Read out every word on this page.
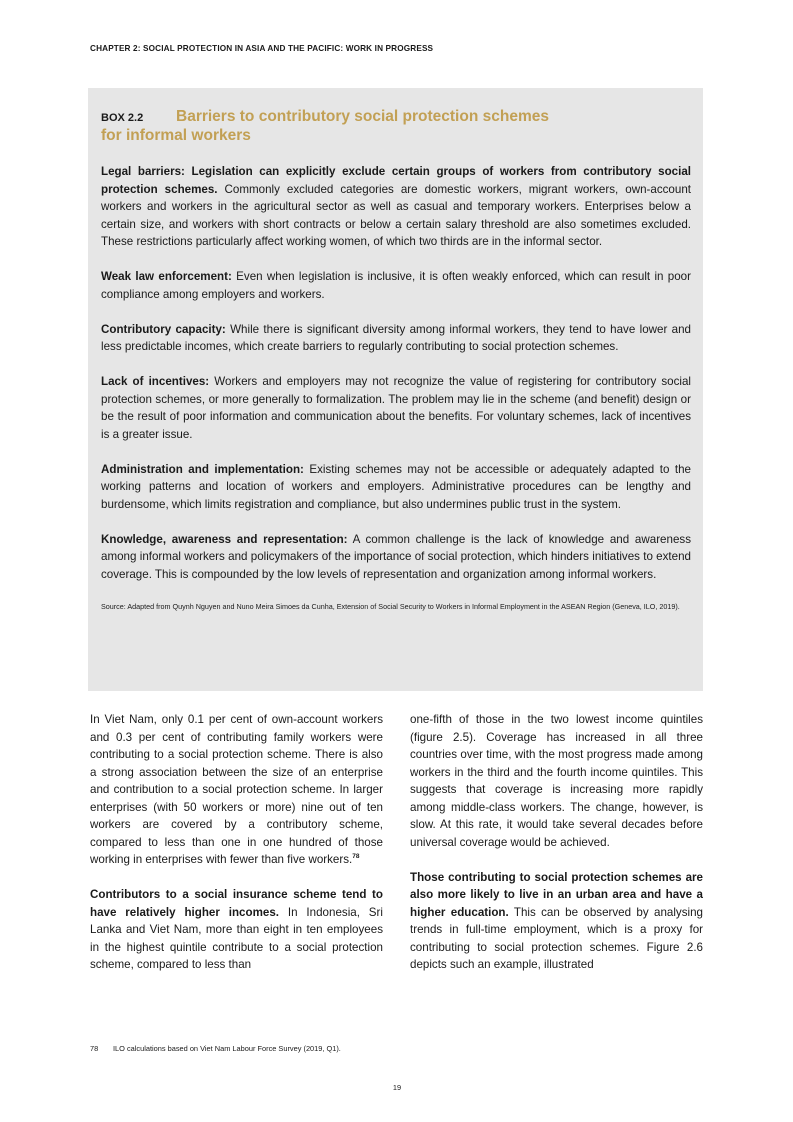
CHAPTER 2: SOCIAL PROTECTION IN ASIA AND THE PACIFIC: WORK IN PROGRESS
BOX 2.2 Barriers to contributory social protection schemes
for informal workers

Legal barriers: Legislation can explicitly exclude certain groups of workers from contributory social protection schemes. Commonly excluded categories are domestic workers, migrant workers, own-account workers and workers in the agricultural sector as well as casual and temporary workers. Enterprises below a certain size, and workers with short contracts or below a certain salary threshold are also sometimes excluded. These restrictions particularly affect working women, of which two thirds are in the informal sector.

Weak law enforcement: Even when legislation is inclusive, it is often weakly enforced, which can result in poor compliance among employers and workers.

Contributory capacity: While there is significant diversity among informal workers, they tend to have lower and less predictable incomes, which create barriers to regularly contributing to social protection schemes.

Lack of incentives: Workers and employers may not recognize the value of registering for contributory social protection schemes, or more generally to formalization. The problem may lie in the scheme (and benefit) design or be the result of poor information and communication about the benefits. For voluntary schemes, lack of incentives is a greater issue.

Administration and implementation: Existing schemes may not be accessible or adequately adapted to the working patterns and location of workers and employers. Administrative procedures can be lengthy and burdensome, which limits registration and compliance, but also undermines public trust in the system.

Knowledge, awareness and representation: A common challenge is the lack of knowledge and awareness among informal workers and policymakers of the importance of social protection, which hinders initiatives to extend coverage. This is compounded by the low levels of representation and organization among informal workers.

Source: Adapted from Quynh Nguyen and Nuno Meira Simoes da Cunha, Extension of Social Security to Workers in Informal Employment in the ASEAN Region (Geneva, ILO, 2019).

In Viet Nam, only 0.1 per cent of own-account workers and 0.3 per cent of contributing family workers were contributing to a social protection scheme. There is also a strong association between the size of an enterprise and contribution to a social protection scheme. In larger enterprises (with 50 workers or more) nine out of ten workers are covered by a contributory scheme, compared to less than one in one hundred of those working in enterprises with fewer than five workers.$^{78}$

Contributors to a social insurance scheme tend to have relatively higher incomes. In Indonesia, Sri Lanka and Viet Nam, more than eight in ten employees in the highest quintile contribute to a social protection scheme, compared to less than

one-fifth of those in the two lowest income quintiles (figure 2.5). Coverage has increased in all three countries over time, with the most progress made among workers in the third and the fourth income quintiles. This suggests that coverage is increasing more rapidly among middle-class workers. The change, however, is slow. At this rate, it would take several decades before universal coverage would be achieved.

Those contributing to social protection schemes are also more likely to live in an urban area and have a higher education. This can be observed by analysing trends in full-time employment, which is a proxy for contributing to social protection schemes. Figure 2.6 depicts such an example, illustrated

78 ILO calculations based on Viet Nam Labour Force Survey (2019, Q1).
19
